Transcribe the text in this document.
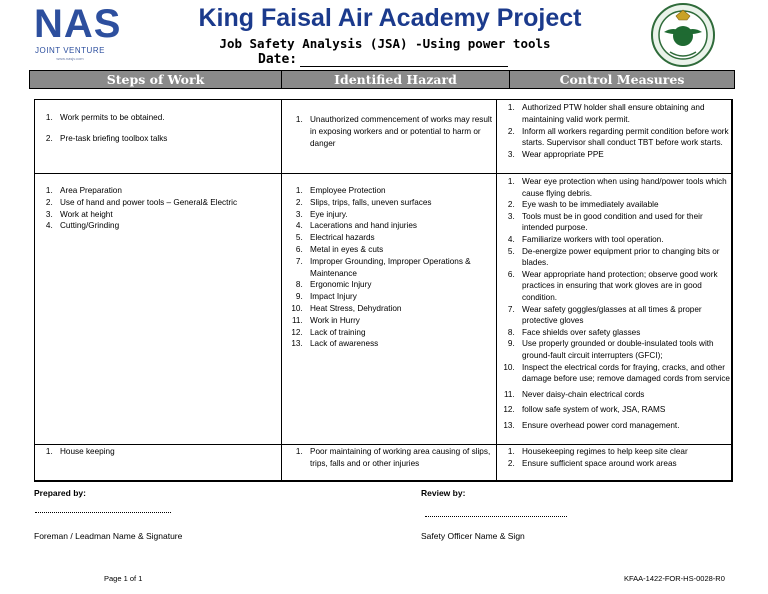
NAS
JOINT VENTURE
www.nasjv.com
King Faisal Air Academy Project
Job Safety Analysis (JSA) -Using power tools
Date:
Steps of Work	Identified Hazard	Control Measures
1. Work permits to be obtained.
2. Pre-task briefing toolbox talks
1. Unauthorized commencement of works may result in exposing workers and or potential to harm or danger
1. Authorized PTW holder shall ensure obtaining and maintaining valid work permit.
2. Inform all workers regarding permit condition before work starts. Supervisor shall conduct TBT before work starts.
3. Wear appropriate PPE
1. Area Preparation
2. Use of hand and power tools – General& Electric
3. Work at height
4. Cutting/Grinding
1. Employee Protection
2. Slips, trips, falls, uneven surfaces
3. Eye injury.
4. Lacerations and hand injuries
5. Electrical hazards
6. Metal in eyes & cuts
7. Improper Grounding, Improper Operations & Maintenance
8. Ergonomic Injury
9. Impact Injury
10. Heat Stress, Dehydration
11. Work in Hurry
12. Lack of training
13. Lack of awareness
1. Wear eye protection when using hand/power tools which cause flying debris.
2. Eye wash to be immediately available
3. Tools must be in good condition and used for their intended purpose.
4. Familiarize workers with tool operation.
5. De-energize power equipment prior to changing bits or blades.
6. Wear appropriate hand protection; observe good work practices in ensuring that work gloves are in good condition.
7. Wear safety goggles/glasses at all times & proper protective gloves
8. Face shields over safety glasses
9. Use properly grounded or double-insulated tools with ground-fault circuit interrupters (GFCI);
10. Inspect the electrical cords for fraying, cracks, and other damage before use; remove damaged cords from service
11. Never daisy-chain electrical cords
12. follow safe system of work, JSA, RAMS
13. Ensure overhead power cord management.
1. House keeping
1.	Poor maintaining of working area causing of slips, trips, falls and or other injuries
1. Housekeeping regimes to help keep site clear
2. Ensure sufficient space around work areas
Prepared by:
Foreman / Leadman Name & Signature
Review by:
Safety Officer Name & Sign
Page 1 of 1	KFAA-1422-FOR-HS-0028-R0
